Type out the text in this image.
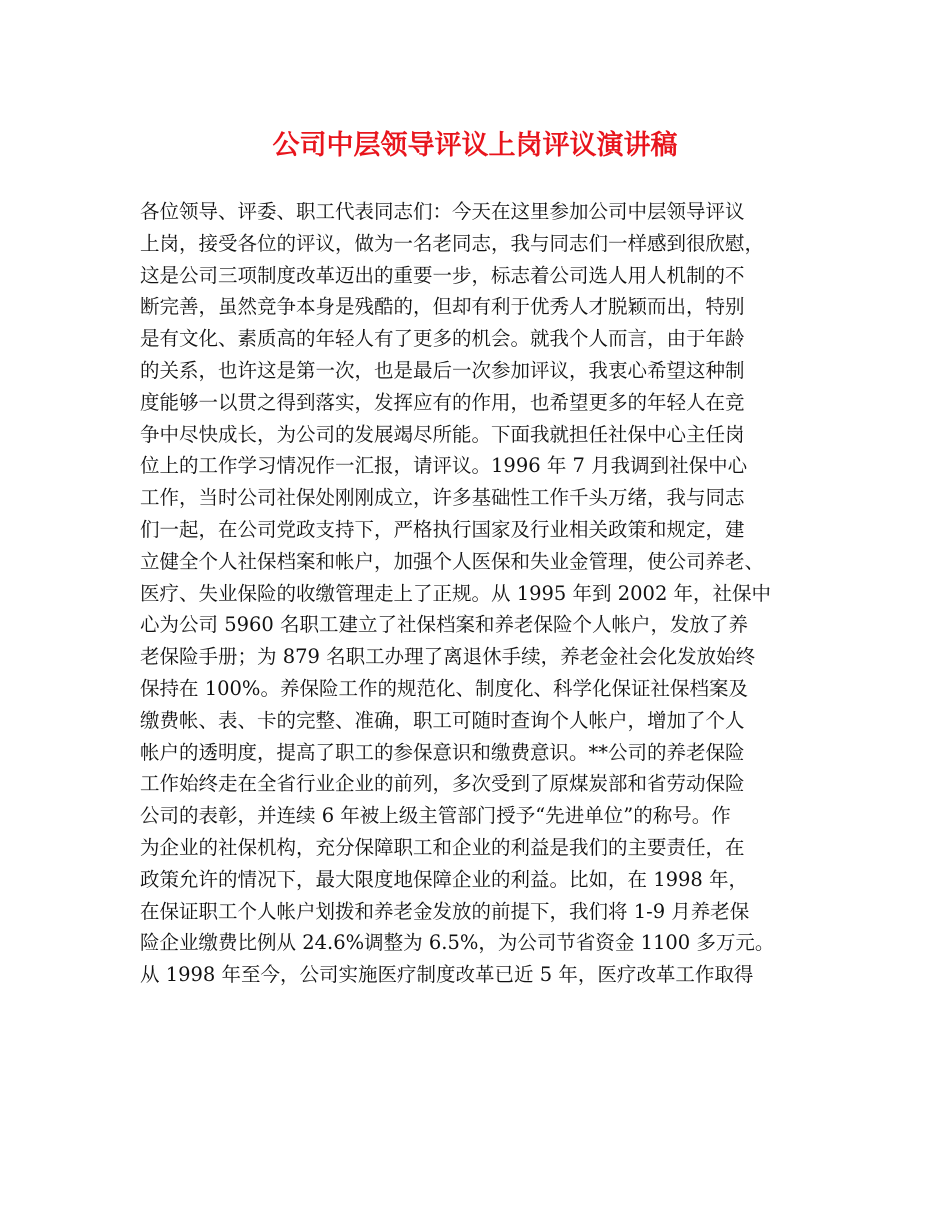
公司中层领导评议上岗评议演讲稿
各位领导、评委、职工代表同志们：今天在这里参加公司中层领导评议
上岗，接受各位的评议，做为一名老同志，我与同志们一样感到很欣慰，
这是公司三项制度改革迈出的重要一步，标志着公司选人用人机制的不
断完善，虽然竞争本身是残酷的，但却有利于优秀人才脱颖而出，特别
是有文化、素质高的年轻人有了更多的机会。就我个人而言，由于年龄
的关系，也许这是第一次，也是最后一次参加评议，我衷心希望这种制
度能够一以贯之得到落实，发挥应有的作用，也希望更多的年轻人在竞
争中尽快成长，为公司的发展竭尽所能。下面我就担任社保中心主任岗
位上的工作学习情况作一汇报，请评议。1996 年 7 月我调到社保中心
工作，当时公司社保处刚刚成立，许多基础性工作千头万绪，我与同志
们一起，在公司党政支持下，严格执行国家及行业相关政策和规定，建
立健全个人社保档案和帐户，加强个人医保和失业金管理，使公司养老、
医疗、失业保险的收缴管理走上了正规。从 1995 年到 2002 年，社保中
心为公司 5960 名职工建立了社保档案和养老保险个人帐户，发放了养
老保险手册；为 879 名职工办理了离退休手续，养老金社会化发放始终
保持在 100%。养保险工作的规范化、制度化、科学化保证社保档案及
缴费帐、表、卡的完整、准确，职工可随时查询个人帐户，增加了个人
帐户的透明度，提高了职工的参保意识和缴费意识。**公司的养老保险
工作始终走在全省行业企业的前列，多次受到了原煤炭部和省劳动保险
公司的表彰，并连续 6 年被上级主管部门授予“先进单位”的称号。作
为企业的社保机构，充分保障职工和企业的利益是我们的主要责任，在
政策允许的情况下，最大限度地保障企业的利益。比如，在 1998 年，
在保证职工个人帐户划拨和养老金发放的前提下，我们将 1-9 月养老保
险企业缴费比例从 24.6%调整为 6.5%，为公司节省资金 1100 多万元。
从 1998 年至今，公司实施医疗制度改革已近 5 年，医疗改革工作取得
